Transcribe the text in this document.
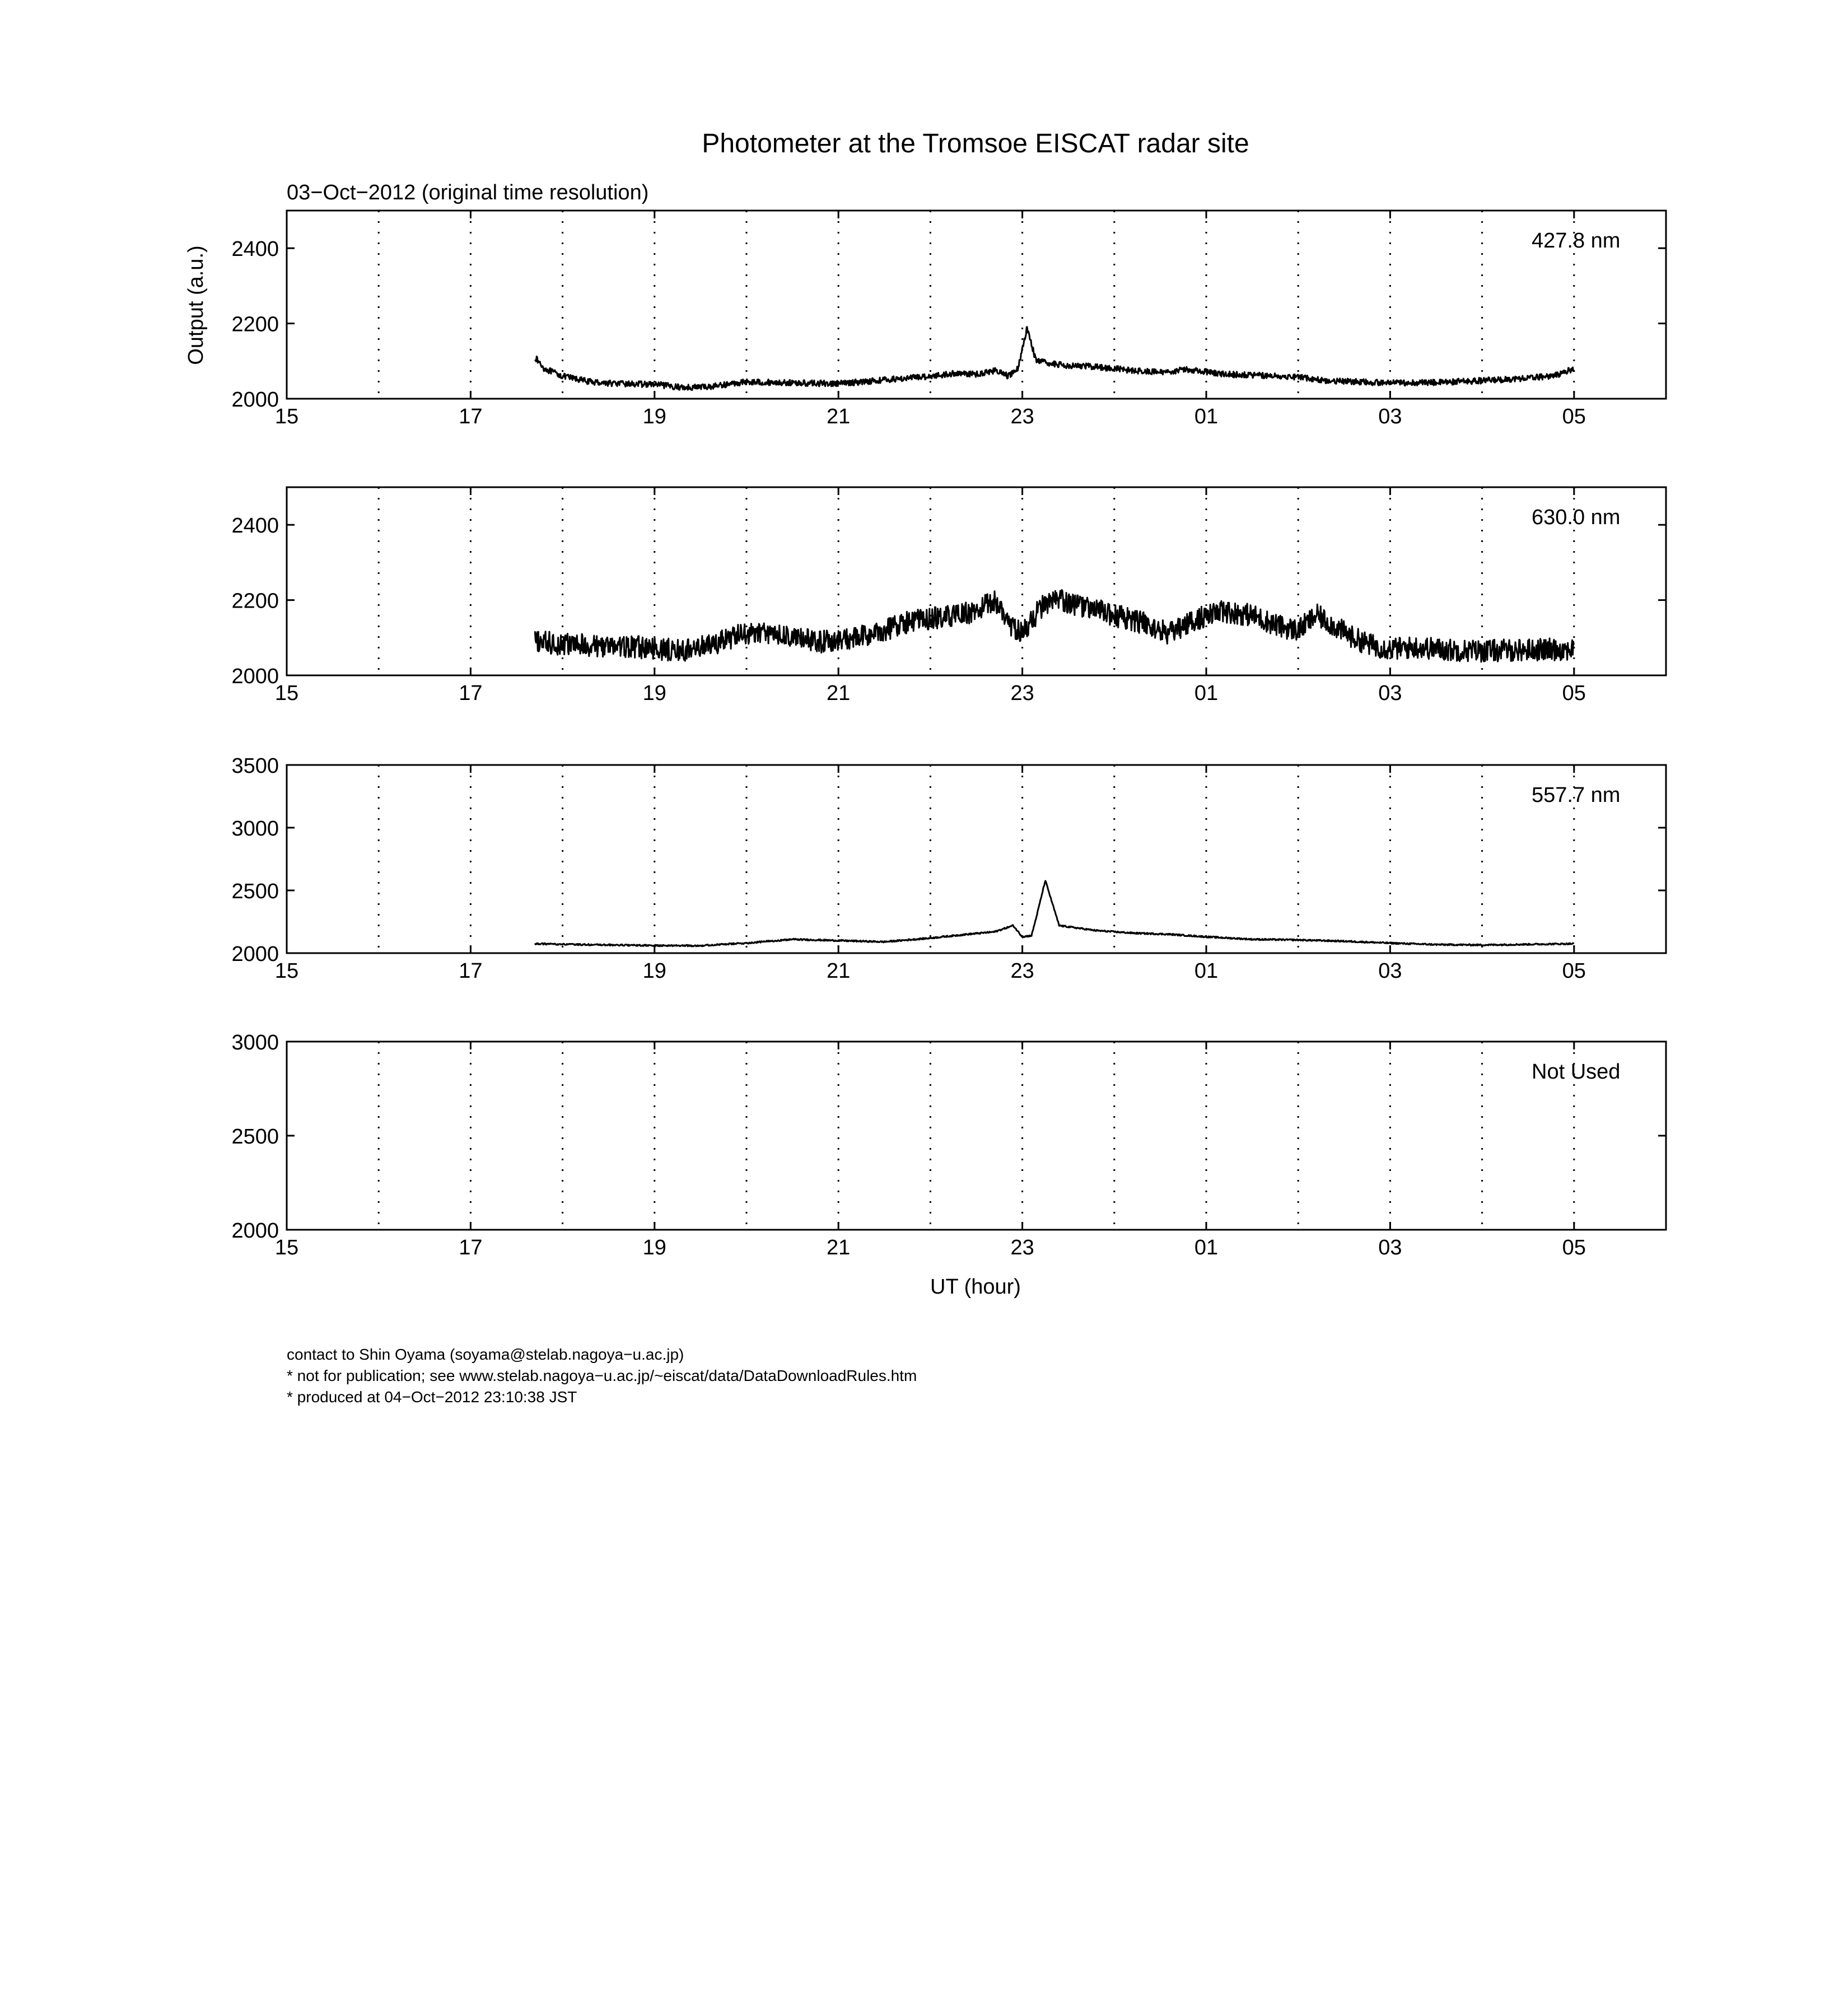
Photometer at the Tromsoe EISCAT radar site
03−Oct−2012 (original time resolution)
Output (a.u.)
UT (hour)
15	17	19	21	23	01	03	05
2000
2200
2400	427.8 nm
15	17	19	21	23	01	03	05
2000
2200
2400	630.0 nm
15	17	19	21	23	01	03	05
2000
2500
3000
3500
557.7 nm
15	17	19	21	23	01	03	05
2000
2500
3000
Not Used
contact to Shin Oyama (soyama@stelab.nagoya−u.ac.jp)
* not for publication; see www.stelab.nagoya−u.ac.jp/~eiscat/data/DataDownloadRules.htm
* produced at 04−Oct−2012 23:10:38 JST
